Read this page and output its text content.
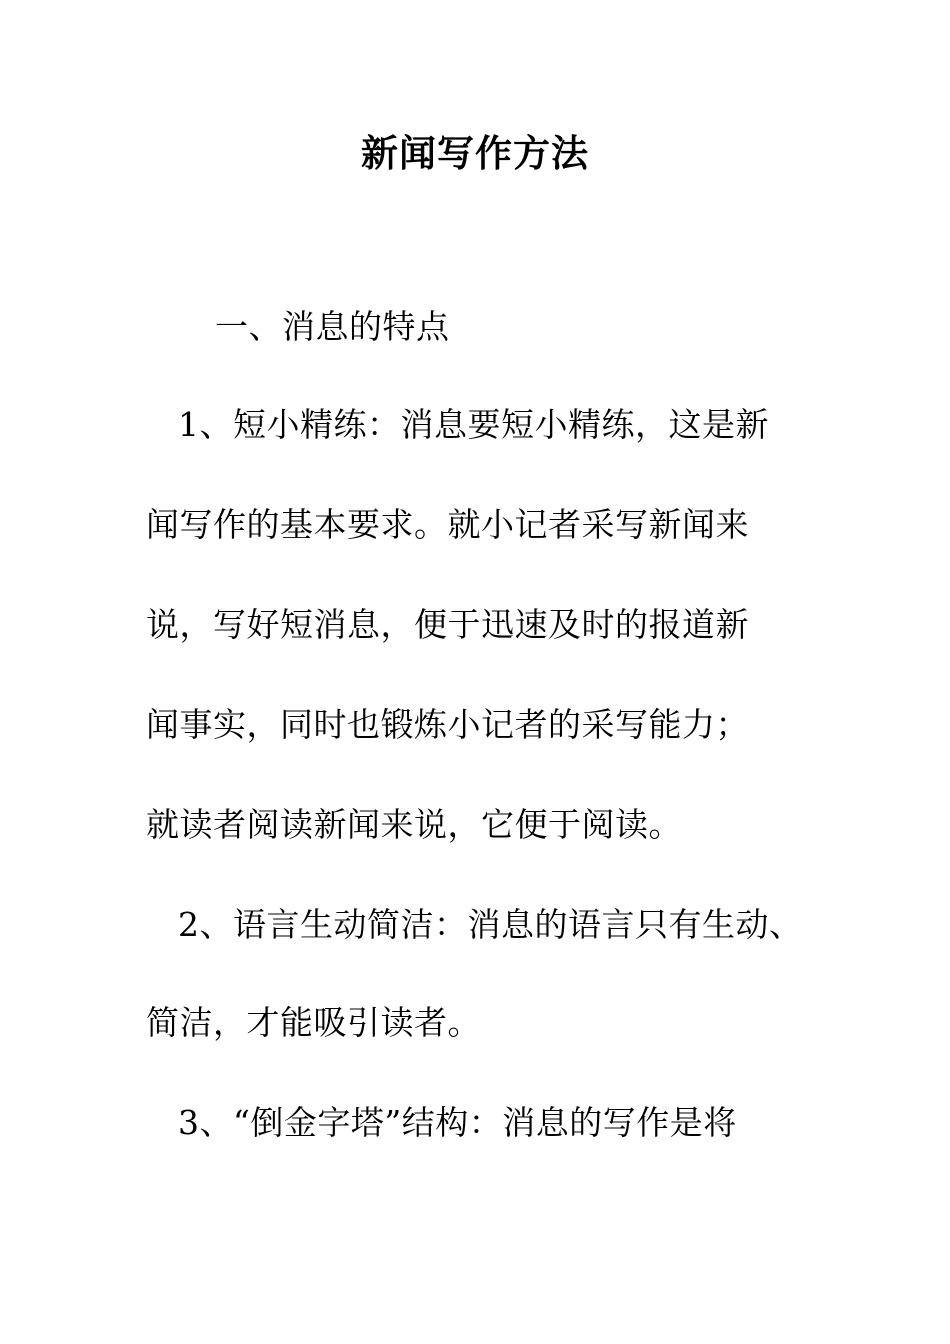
新闻写作方法
一、消息的特点
1、短小精练：消息要短小精练，这是新
闻写作的基本要求。就小记者采写新闻来
说，写好短消息，便于迅速及时的报道新
闻事实，同时也锻炼小记者的采写能力；
就读者阅读新闻来说，它便于阅读。
2、语言生动简洁：消息的语言只有生动、
简洁，才能吸引读者。
3、“倒金字塔”结构：消息的写作是将
